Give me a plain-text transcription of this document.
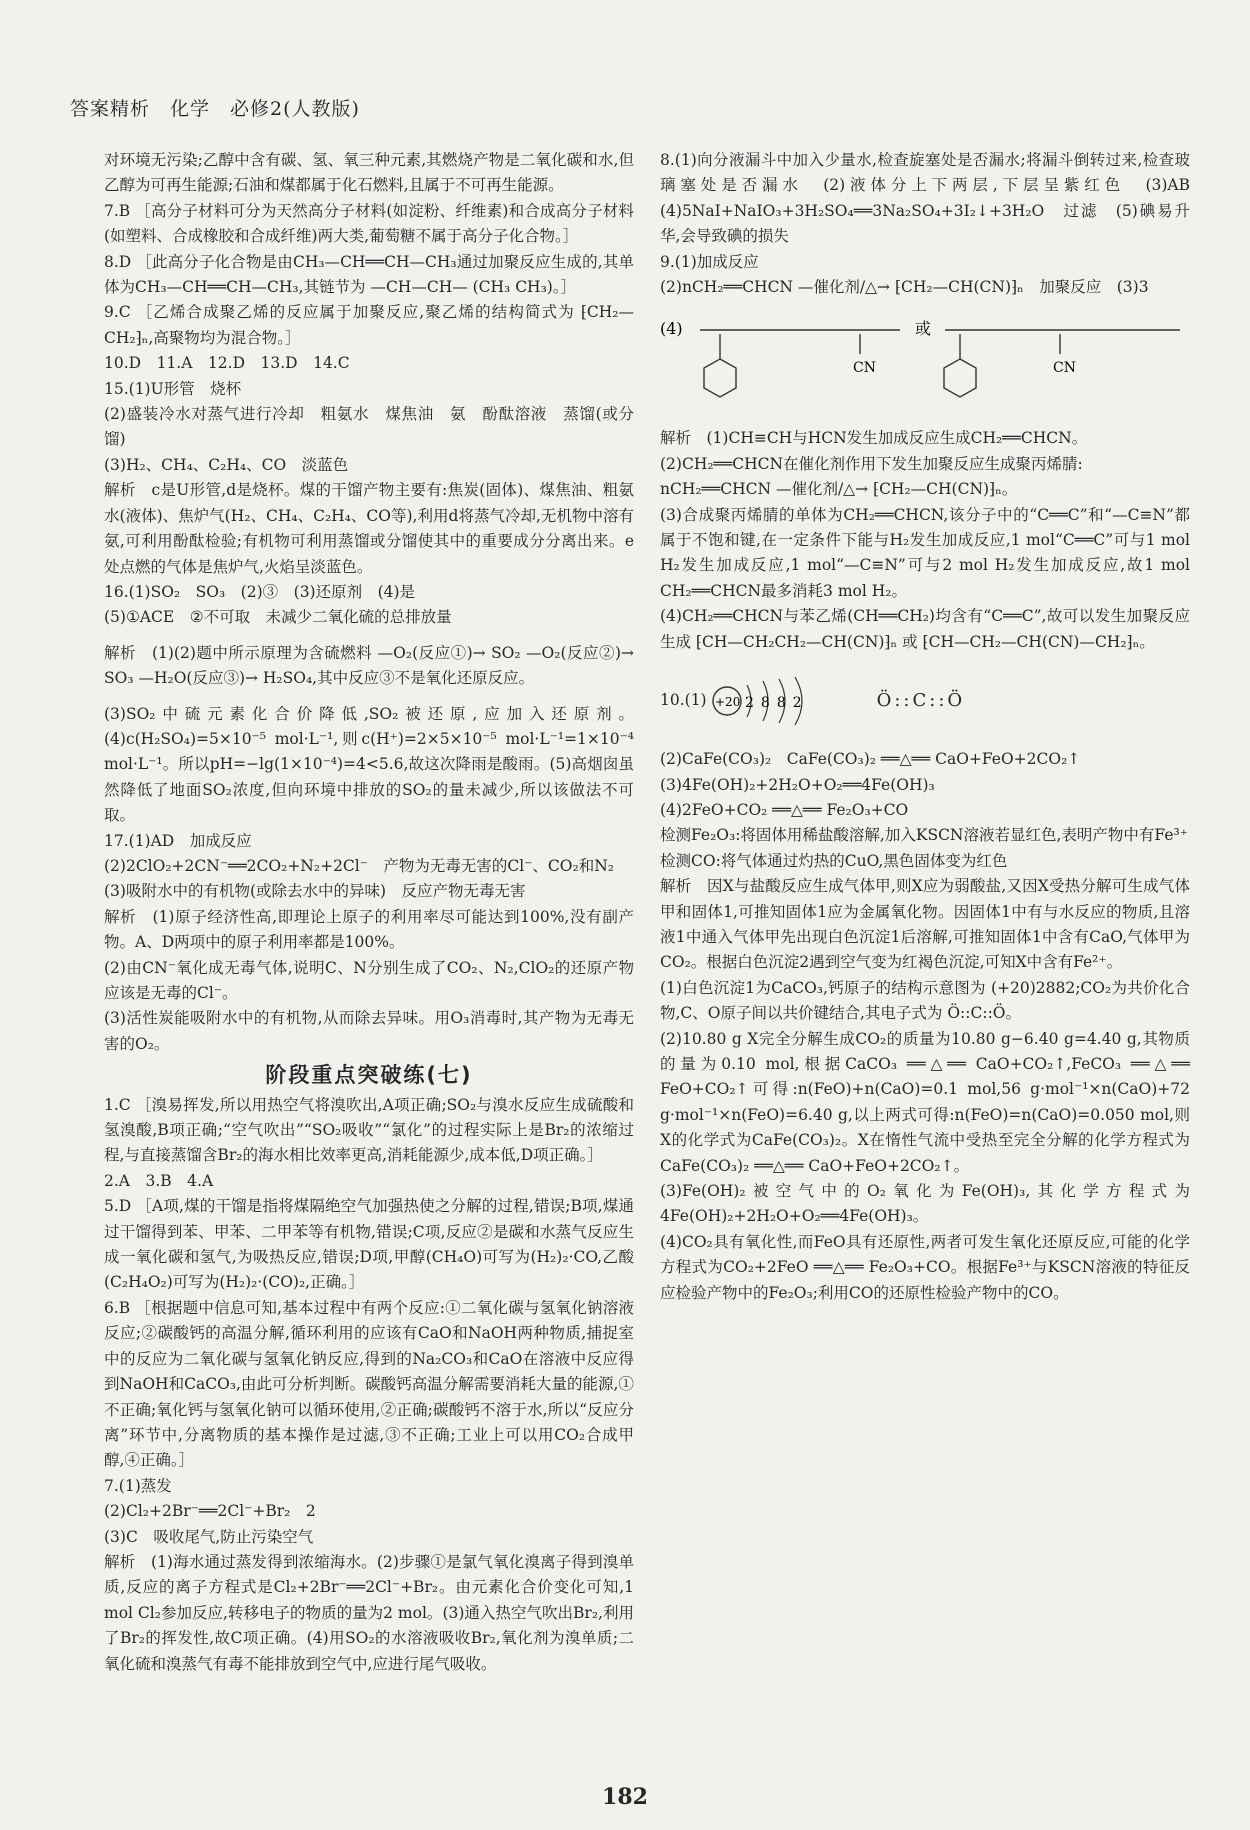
答案精析　化学　必修2(人教版)

对环境无污染;乙醇中含有碳、氢、氧三种元素,其燃烧产物是二氧化碳和水,但乙醇为可再生能源;石油和煤都属于化石燃料,且属于不可再生能源。

7.B ［高分子材料可分为天然高分子材料(如淀粉、纤维素)和合成高分子材料(如塑料、合成橡胶和合成纤维)两大类,葡萄糖不属于高分子化合物。］

8.D ［此高分子化合物是由CH₃—CH══CH—CH₃通过加聚反应生成的,其单体为CH₃—CH══CH—CH₃,其链节为 —CH—CH— (CH₃ CH₃)。］

9.C ［乙烯合成聚乙烯的反应属于加聚反应,聚乙烯的结构简式为 ⁅CH₂—CH₂⁆ₙ,高聚物均为混合物。］

10.D　11.A　12.D　13.D　14.C

15.(1)U形管　烧杯

(2)盛装冷水对蒸气进行冷却　粗氨水　煤焦油　氨　酚酞溶液　蒸馏(或分馏)

(3)H₂、CH₄、C₂H₄、CO　淡蓝色

解析　c是U形管,d是烧杯。煤的干馏产物主要有:焦炭(固体)、煤焦油、粗氨水(液体)、焦炉气(H₂、CH₄、C₂H₄、CO等),利用d将蒸气冷却,无机物中溶有氨,可利用酚酞检验;有机物可利用蒸馏或分馏使其中的重要成分分离出来。e处点燃的气体是焦炉气,火焰呈淡蓝色。

16.(1)SO₂　SO₃　(2)③　(3)还原剂　(4)是

(5)①ACE　②不可取　未减少二氧化硫的总排放量

解析　(1)(2)题中所示原理为含硫燃料 —O₂(反应①)→ SO₂ —O₂(反应②)→ SO₃ —H₂O(反应③)→ H₂SO₄,其中反应③不是氧化还原反应。

(3)SO₂中硫元素化合价降低,SO₂被还原,应加入还原剂。(4)c(H₂SO₄)=5×10⁻⁵ mol·L⁻¹,则c(H⁺)=2×5×10⁻⁵ mol·L⁻¹=1×10⁻⁴ mol·L⁻¹。所以pH=−lg(1×10⁻⁴)=4<5.6,故这次降雨是酸雨。(5)高烟囱虽然降低了地面SO₂浓度,但向环境中排放的SO₂的量未减少,所以该做法不可取。

17.(1)AD　加成反应

(2)2ClO₂+2CN⁻══2CO₂+N₂+2Cl⁻　产物为无毒无害的Cl⁻、CO₂和N₂

(3)吸附水中的有机物(或除去水中的异味)　反应产物无毒无害

解析　(1)原子经济性高,即理论上原子的利用率尽可能达到100%,没有副产物。A、D两项中的原子利用率都是100%。

(2)由CN⁻氧化成无毒气体,说明C、N分别生成了CO₂、N₂,ClO₂的还原产物应该是无毒的Cl⁻。

(3)活性炭能吸附水中的有机物,从而除去异味。用O₃消毒时,其产物为无毒无害的O₂。

阶段重点突破练(七)

1.C ［溴易挥发,所以用热空气将溴吹出,A项正确;SO₂与溴水反应生成硫酸和氢溴酸,B项正确;“空气吹出”“SO₂吸收”“氯化”的过程实际上是Br₂的浓缩过程,与直接蒸馏含Br₂的海水相比效率更高,消耗能源少,成本低,D项正确。］

2.A　3.B　4.A

5.D ［A项,煤的干馏是指将煤隔绝空气加强热使之分解的过程,错误;B项,煤通过干馏得到苯、甲苯、二甲苯等有机物,错误;C项,反应②是碳和水蒸气反应生成一氧化碳和氢气,为吸热反应,错误;D项,甲醇(CH₄O)可写为(H₂)₂·CO,乙酸(C₂H₄O₂)可写为(H₂)₂·(CO)₂,正确。］

6.B ［根据题中信息可知,基本过程中有两个反应:①二氧化碳与氢氧化钠溶液反应;②碳酸钙的高温分解,循环利用的应该有CaO和NaOH两种物质,捕捉室中的反应为二氧化碳与氢氧化钠反应,得到的Na₂CO₃和CaO在溶液中反应得到NaOH和CaCO₃,由此可分析判断。碳酸钙高温分解需要消耗大量的能源,①不正确;氧化钙与氢氧化钠可以循环使用,②正确;碳酸钙不溶于水,所以“反应分离”环节中,分离物质的基本操作是过滤,③不正确;工业上可以用CO₂合成甲醇,④正确。］

7.(1)蒸发

(2)Cl₂+2Br⁻══2Cl⁻+Br₂　2

(3)C　吸收尾气,防止污染空气

解析　(1)海水通过蒸发得到浓缩海水。(2)步骤①是氯气氧化溴离子得到溴单质,反应的离子方程式是Cl₂+2Br⁻══2Cl⁻+Br₂。由元素化合价变化可知,1 mol Cl₂参加反应,转移电子的物质的量为2 mol。(3)通入热空气吹出Br₂,利用了Br₂的挥发性,故C项正确。(4)用SO₂的水溶液吸收Br₂,氧化剂为溴单质;二氧化硫和溴蒸气有毒不能排放到空气中,应进行尾气吸收。

8.(1)向分液漏斗中加入少量水,检查旋塞处是否漏水;将漏斗倒转过来,检查玻璃塞处是否漏水　(2)液体分上下两层,下层呈紫红色　(3)AB　(4)5NaI+NaIO₃+3H₂SO₄══3Na₂SO₄+3I₂↓+3H₂O　过滤　(5)碘易升华,会导致碘的损失

9.(1)加成反应

(2)nCH₂══CHCN —催化剂/△→ ⁅CH₂—CH(CN)⁆ₙ　加聚反应　(3)3

(4)
CN
或
CN

解析　(1)CH≡CH与HCN发生加成反应生成CH₂══CHCN。

(2)CH₂══CHCN在催化剂作用下发生加聚反应生成聚丙烯腈:

nCH₂══CHCN —催化剂/△→ ⁅CH₂—CH(CN)⁆ₙ。

(3)合成聚丙烯腈的单体为CH₂══CHCN,该分子中的“C══C”和“—C≡N”都属于不饱和键,在一定条件下能与H₂发生加成反应,1 mol“C══C”可与1 mol H₂发生加成反应,1 mol“—C≡N”可与2 mol H₂发生加成反应,故1 mol CH₂══CHCN最多消耗3 mol H₂。

(4)CH₂══CHCN与苯乙烯(CH══CH₂)均含有“C══C”,故可以发生加聚反应生成 ⁅CH—CH₂CH₂—CH(CN)⁆ₙ 或 ⁅CH—CH₂—CH(CN)—CH₂⁆ₙ。

10.(1) +20 2882	Ö::C::Ö

(2)CaFe(CO₃)₂　CaFe(CO₃)₂ ══△══ CaO+FeO+2CO₂↑

(3)4Fe(OH)₂+2H₂O+O₂══4Fe(OH)₃

(4)2FeO+CO₂ ══△══ Fe₂O₃+CO

检测Fe₂O₃:将固体用稀盐酸溶解,加入KSCN溶液若显红色,表明产物中有Fe³⁺

检测CO:将气体通过灼热的CuO,黑色固体变为红色

解析　因X与盐酸反应生成气体甲,则X应为弱酸盐,又因X受热分解可生成气体甲和固体1,可推知固体1应为金属氧化物。因固体1中有与水反应的物质,且溶液1中通入气体甲先出现白色沉淀1后溶解,可推知固体1中含有CaO,气体甲为CO₂。根据白色沉淀2遇到空气变为红褐色沉淀,可知X中含有Fe²⁺。

(1)白色沉淀1为CaCO₃,钙原子的结构示意图为 (+20)2882;CO₂为共价化合物,C、O原子间以共价键结合,其电子式为 Ö::C::Ö。

(2)10.80 g X完全分解生成CO₂的质量为10.80 g−6.40 g=4.40 g,其物质的量为0.10 mol,根据CaCO₃ ══△══ CaO+CO₂↑,FeCO₃ ══△══ FeO+CO₂↑可得:n(FeO)+n(CaO)=0.1 mol,56 g·mol⁻¹×n(CaO)+72 g·mol⁻¹×n(FeO)=6.40 g,以上两式可得:n(FeO)=n(CaO)=0.050 mol,则X的化学式为CaFe(CO₃)₂。X在惰性气流中受热至完全分解的化学方程式为CaFe(CO₃)₂ ══△══ CaO+FeO+2CO₂↑。

(3)Fe(OH)₂被空气中的O₂氧化为Fe(OH)₃,其化学方程式为4Fe(OH)₂+2H₂O+O₂══4Fe(OH)₃。

(4)CO₂具有氧化性,而FeO具有还原性,两者可发生氧化还原反应,可能的化学方程式为CO₂+2FeO ══△══ Fe₂O₃+CO。根据Fe³⁺与KSCN溶液的特征反应检验产物中的Fe₂O₃;利用CO的还原性检验产物中的CO。

182
